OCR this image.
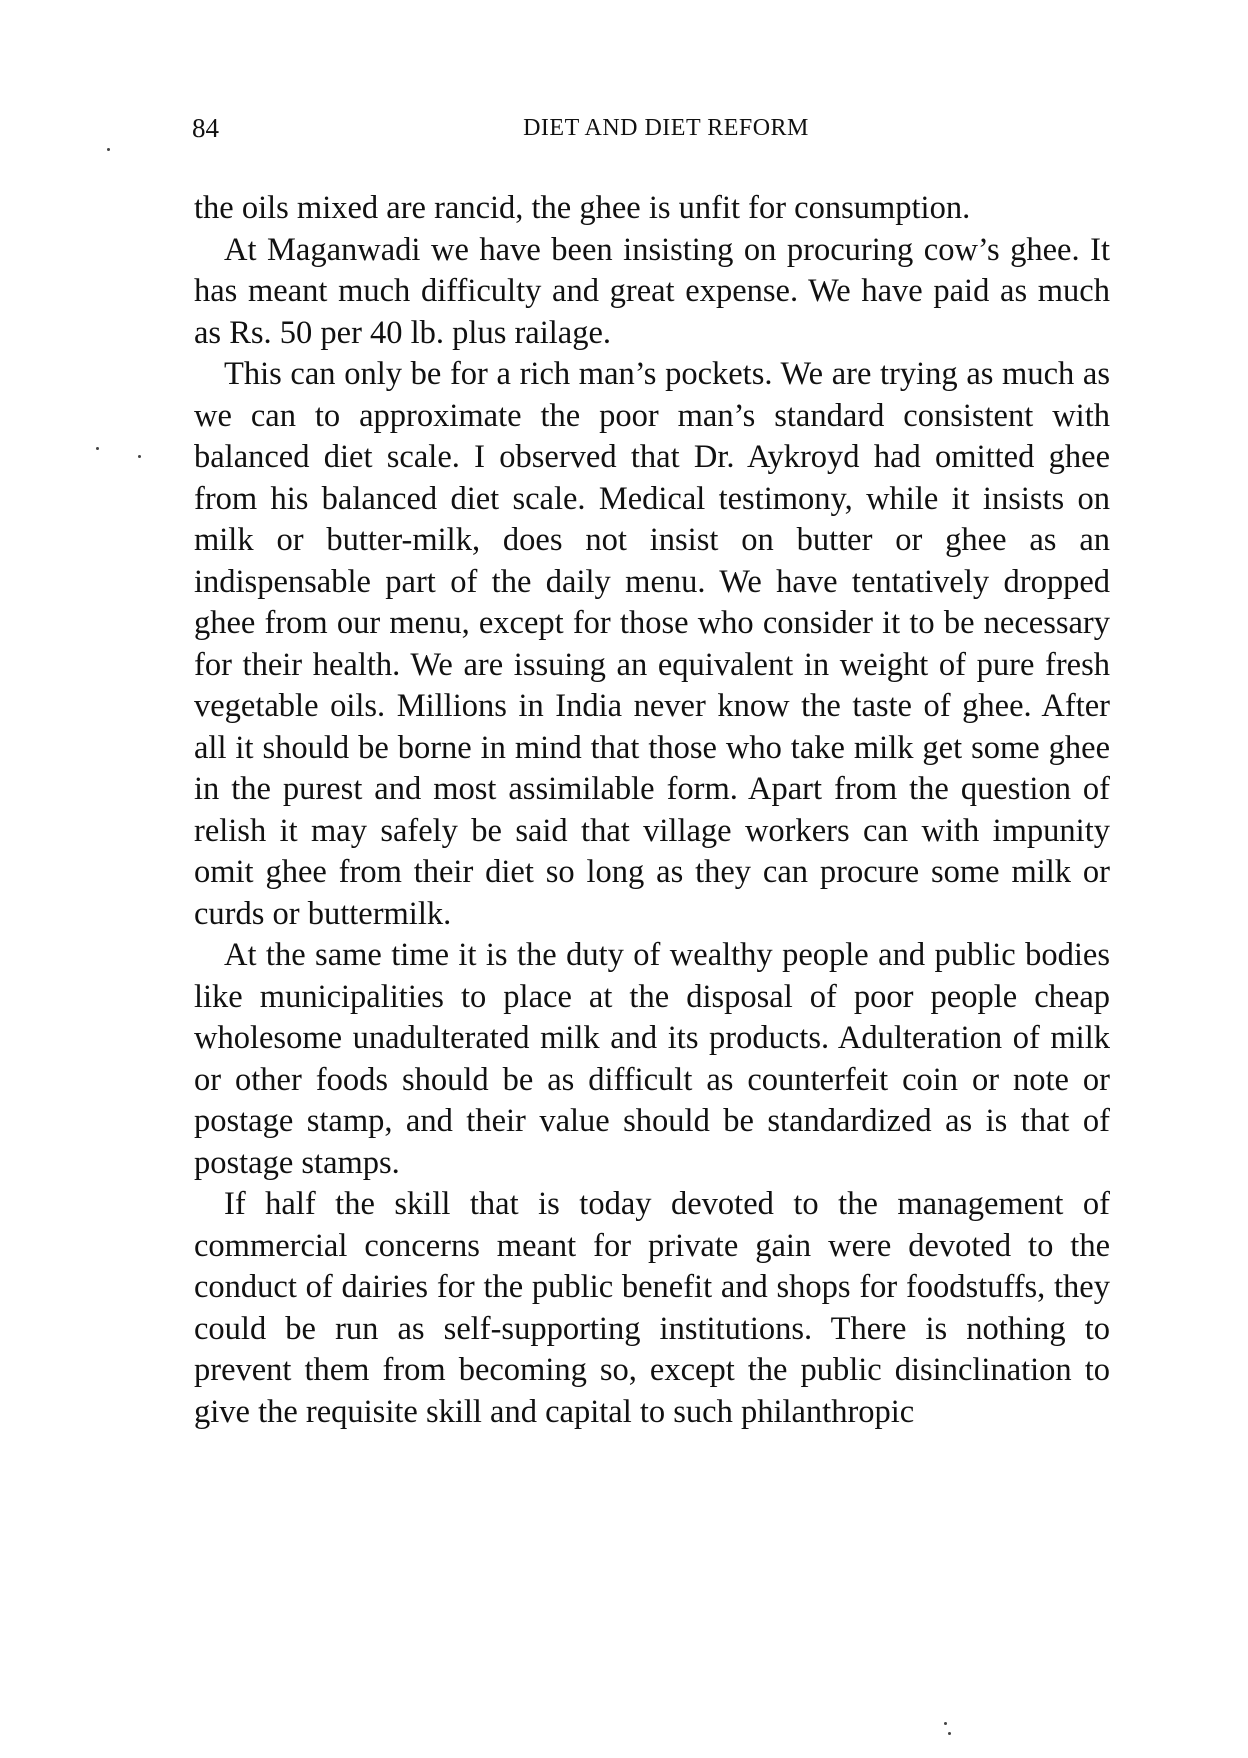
84	DIET AND DIET REFORM

the oils mixed are rancid, the ghee is unfit for consumption.

At Maganwadi we have been insisting on procuring cow’s ghee. It has meant much difficulty and great expense. We have paid as much as Rs. 50 per 40 lb. plus railage.

This can only be for a rich man’s pockets. We are trying as much as we can to approximate the poor man’s standard consistent with balanced diet scale. I observed that Dr. Aykroyd had omitted ghee from his balanced diet scale. Medical testimony, while it insists on milk or butter-milk, does not insist on butter or ghee as an indispensable part of the daily menu. We have tentatively dropped ghee from our menu, except for those who consider it to be necessary for their health. We are issuing an equivalent in weight of pure fresh vegetable oils. Millions in India never know the taste of ghee. After all it should be borne in mind that those who take milk get some ghee in the purest and most assimilable form. Apart from the question of relish it may safely be said that village workers can with impunity omit ghee from their diet so long as they can procure some milk or curds or buttermilk.

At the same time it is the duty of wealthy people and public bodies like municipalities to place at the disposal of poor people cheap wholesome unadulterated milk and its products. Adulteration of milk or other foods should be as difficult as counterfeit coin or note or postage stamp, and their value should be standardized as is that of postage stamps.

If half the skill that is today devoted to the management of commercial concerns meant for private gain were devoted to the conduct of dairies for the public benefit and shops for foodstuffs, they could be run as self-supporting institutions. There is nothing to prevent them from becoming so, except the public disinclination to give the requisite skill and capital to such philanthropic
